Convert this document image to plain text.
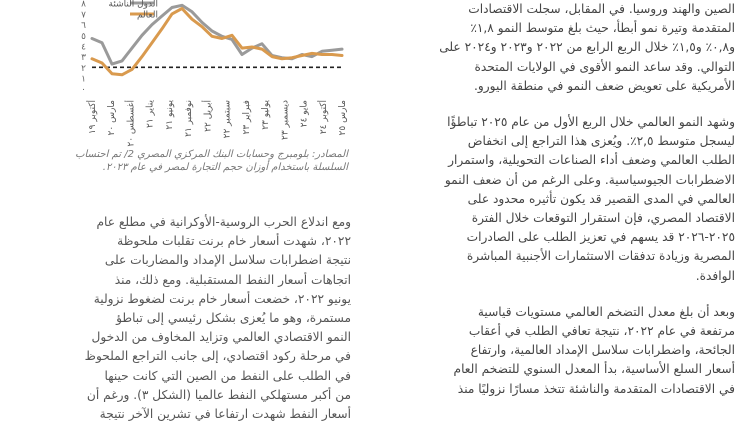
٠
١
٢
٣
٤
٥
٦
٧
٨
أكتوبر ١٩
مارس ٢٠
أغسطس ٢٠ يناير ٢١
يونيو ٢١
نوفمبر ٢١ أبريل ٢٢
سبتمبر ٢٢
فبراير ٢٣
يوليو ٢٣
ديسمبر ٢٣ مايو ٢٤
أكتوبر ٢٤
مارس ٢٥
الدول الناشئة
العالم
المصادر: بلومبرج وحسابات البنك المركزي المصري 2/ تم احتساب السلسلة باستخدام أوزان حجم التجارة لمصر في عام ٢٠٢٣.

الصين والهند وروسيا. في المقابل، سجلت الاقتصادات
المتقدمة وتيرة نمو أبطأ، حيث بلغ متوسط النمو ١,٨٪
و٠,٨٪ و١,٥٪ خلال الربع الرابع من ٢٠٢٢ و٢٠٢٣ و٢٠٢٤ على
التوالي. وقد ساعد النمو الأقوى في الولايات المتحدة
الأمريكية على تعويض ضعف النمو في منطقة اليورو.

وشهد النمو العالمي خلال الربع الأول من عام ٢٠٢٥ تباطؤًا
ليسجل متوسط ٢,٥٪. ويُعزى هذا التراجع إلى انخفاض
الطلب العالمي وضعف أداء الصناعات التحويلية، واستمرار
الاضطرابات الجيوسياسية. وعلى الرغم من أن ضعف النمو
العالمي في المدى القصير قد يكون تأثيره محدود على
الاقتصاد المصري، فإن استقرار التوقعات خلال الفترة
٢٠٢٥-٢٠٢٦ قد يسهم في تعزيز الطلب على الصادرات
المصرية وزيادة تدفقات الاستثمارات الأجنبية المباشرة
الوافدة.

وبعد أن بلغ معدل التضخم العالمي مستويات قياسية
مرتفعة في عام ٢٠٢٢، نتيجة تعافي الطلب في أعقاب
الجائحة، واضطرابات سلاسل الإمداد العالمية، وارتفاع
أسعار السلع الأساسية، بدأ المعدل السنوي للتضخم العام
في الاقتصادات المتقدمة والناشئة تتخذ مسارًا نزوليًا منذ

ومع اندلاع الحرب الروسية-الأوكرانية في مطلع عام
٢٠٢٢، شهدت أسعار خام برنت تقلبات ملحوظة
نتيجة اضطرابات سلاسل الإمداد والمضاربات على
اتجاهات أسعار النفط المستقبلية. ومع ذلك، منذ
يونيو ٢٠٢٢، خضعت أسعار خام برنت لضغوط نزولية
مستمرة، وهو ما يُعزى بشكل رئيسي إلى تباطؤ
النمو الاقتصادي العالمي وتزايد المخاوف من الدخول
في مرحلة ركود اقتصادي، إلى جانب التراجع الملحوظ
في الطلب على النفط من الصين التي كانت حينها
من أكبر مستهلكي النفط عالميا (الشكل ٣). ورغم أن
أسعار النفط شهدت ارتفاعا في تشرين الآخر نتيجة
